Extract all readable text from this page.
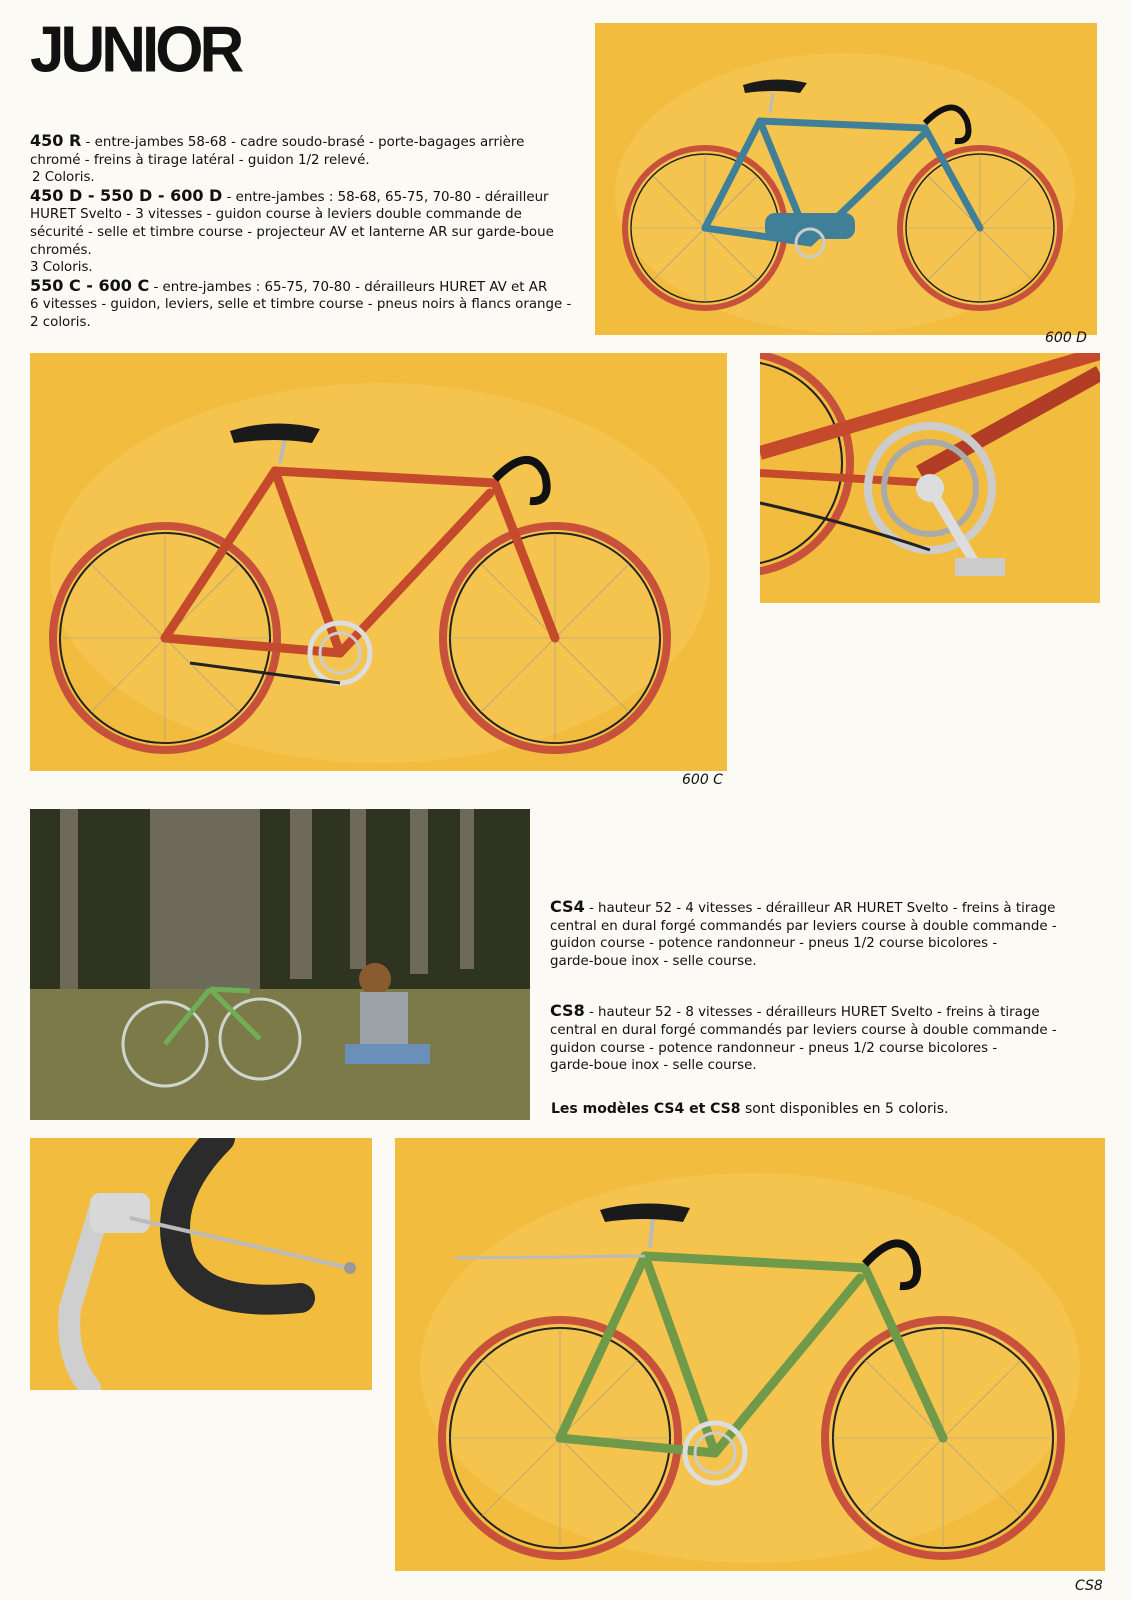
JUNIOR

450 R - entre-jambes 58-68 - cadre soudo-brasé - porte-bagages arrière

chromé - freins à tirage latéral - guidon 1/2 relevé.

2 Coloris.

450 D - 550 D - 600 D - entre-jambes : 58-68, 65-75, 70-80 - dérailleur

HURET Svelto - 3 vitesses - guidon course à leviers double commande de

sécurité - selle et timbre course - projecteur AV et lanterne AR sur garde-boue

chromés.

3 Coloris.

550 C - 600 C - entre-jambes : 65-75, 70-80 - dérailleurs HURET AV et AR

6 vitesses - guidon, leviers, selle et timbre course - pneus noirs à flancs orange -

2 coloris.

600 D
600 C

CS4 - hauteur 52 - 4 vitesses - dérailleur AR HURET Svelto - freins à tirage

central en dural forgé commandés par leviers course à double commande -

guidon course - potence randonneur - pneus 1/2 course bicolores -

garde-boue inox - selle course.

CS8 - hauteur 52 - 8 vitesses - dérailleurs HURET Svelto - freins à tirage

central en dural forgé commandés par leviers course à double commande -

guidon course - potence randonneur - pneus 1/2 course bicolores -

garde-boue inox - selle course.

Les modèles CS4 et CS8 sont disponibles en 5 coloris.
CS8
